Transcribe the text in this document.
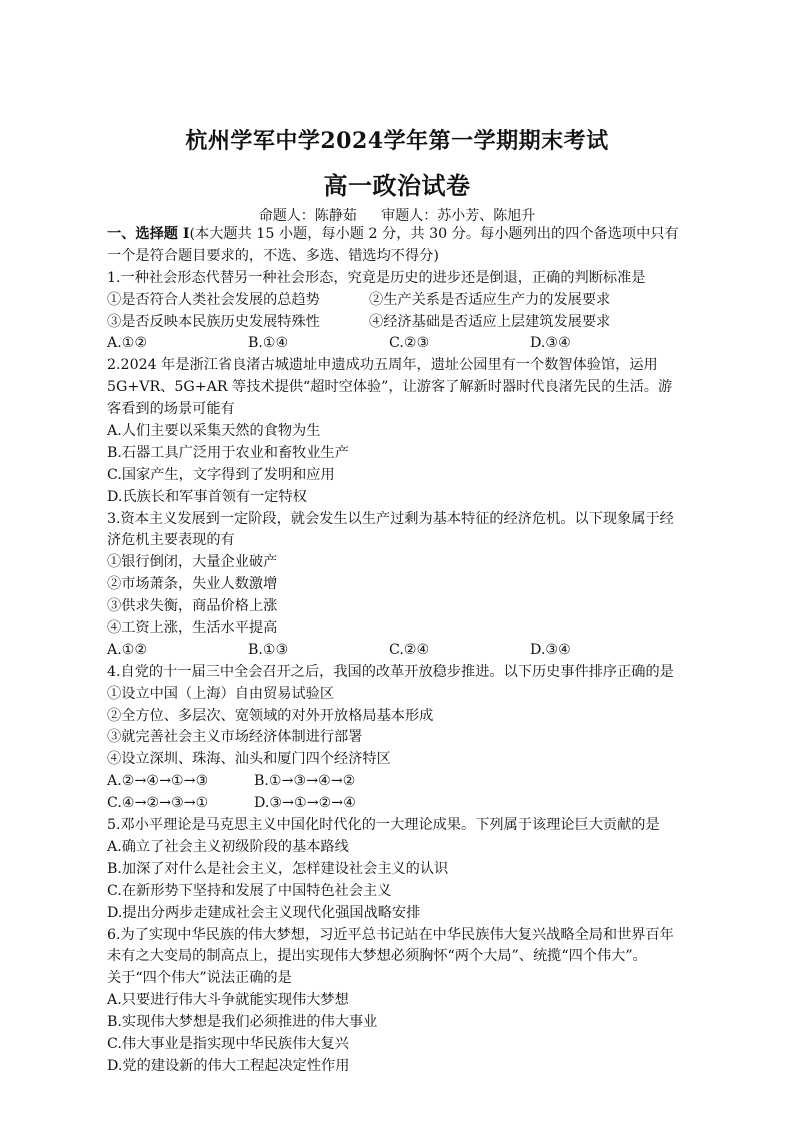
杭州学军中学2024学年第一学期期末考试
高一政治试卷
命题人：陈静茹 审题人：苏小芳、陈旭升
一、选择题 I(本大题共 15 小题，每小题 2 分，共 30 分。每小题列出的四个备选项中只有
一个是符合题目要求的，不选、多选、错选均不得分)
1.一种社会形态代替另一种社会形态，究竟是历史的进步还是倒退，正确的判断标准是
①是否符合人类社会发展的总趋势	②生产关系是否适应生产力的发展要求
③是否反映本民族历史发展特殊性	④经济基础是否适应上层建筑发展要求
A.①②	B.①④	C.②③	D.③④
2.2024 年是浙江省良渚古城遗址申遗成功五周年，遗址公园里有一个数智体验馆，运用
5G+VR、5G+AR 等技术提供“超时空体验”，让游客了解新时器时代良渚先民的生活。游
客看到的场景可能有
A.人们主要以采集天然的食物为生
B.石器工具广泛用于农业和畜牧业生产
C.国家产生，文字得到了发明和应用
D.氏族长和军事首领有一定特权
3.资本主义发展到一定阶段，就会发生以生产过剩为基本特征的经济危机。以下现象属于经
济危机主要表现的有
①银行倒闭，大量企业破产
②市场萧条，失业人数激增
③供求失衡，商品价格上涨
④工资上涨，生活水平提高
A.①②	B.①③	C.②④	D.③④
4.自党的十一届三中全会召开之后，我国的改革开放稳步推进。以下历史事件排序正确的是
①设立中国（上海）自由贸易试验区
②全方位、多层次、宽领域的对外开放格局基本形成
③就完善社会主义市场经济体制进行部署
④设立深圳、珠海、汕头和厦门四个经济特区
A.②→④→①→③	B.①→③→④→②
C.④→②→③→①	D.③→①→②→④
5.邓小平理论是马克思主义中国化时代化的一大理论成果。下列属于该理论巨大贡献的是
A.确立了社会主义初级阶段的基本路线
B.加深了对什么是社会主义，怎样建设社会主义的认识
C.在新形势下坚持和发展了中国特色社会主义
D.提出分两步走建成社会主义现代化强国战略安排
6.为了实现中华民族的伟大梦想，习近平总书记站在中华民族伟大复兴战略全局和世界百年
未有之大变局的制高点上，提出实现伟大梦想必须胸怀“两个大局”、统揽“四个伟大”。
关于“四个伟大”说法正确的是
A.只要进行伟大斗争就能实现伟大梦想
B.实现伟大梦想是我们必须推进的伟大事业
C.伟大事业是指实现中华民族伟大复兴
D.党的建设新的伟大工程起决定性作用
